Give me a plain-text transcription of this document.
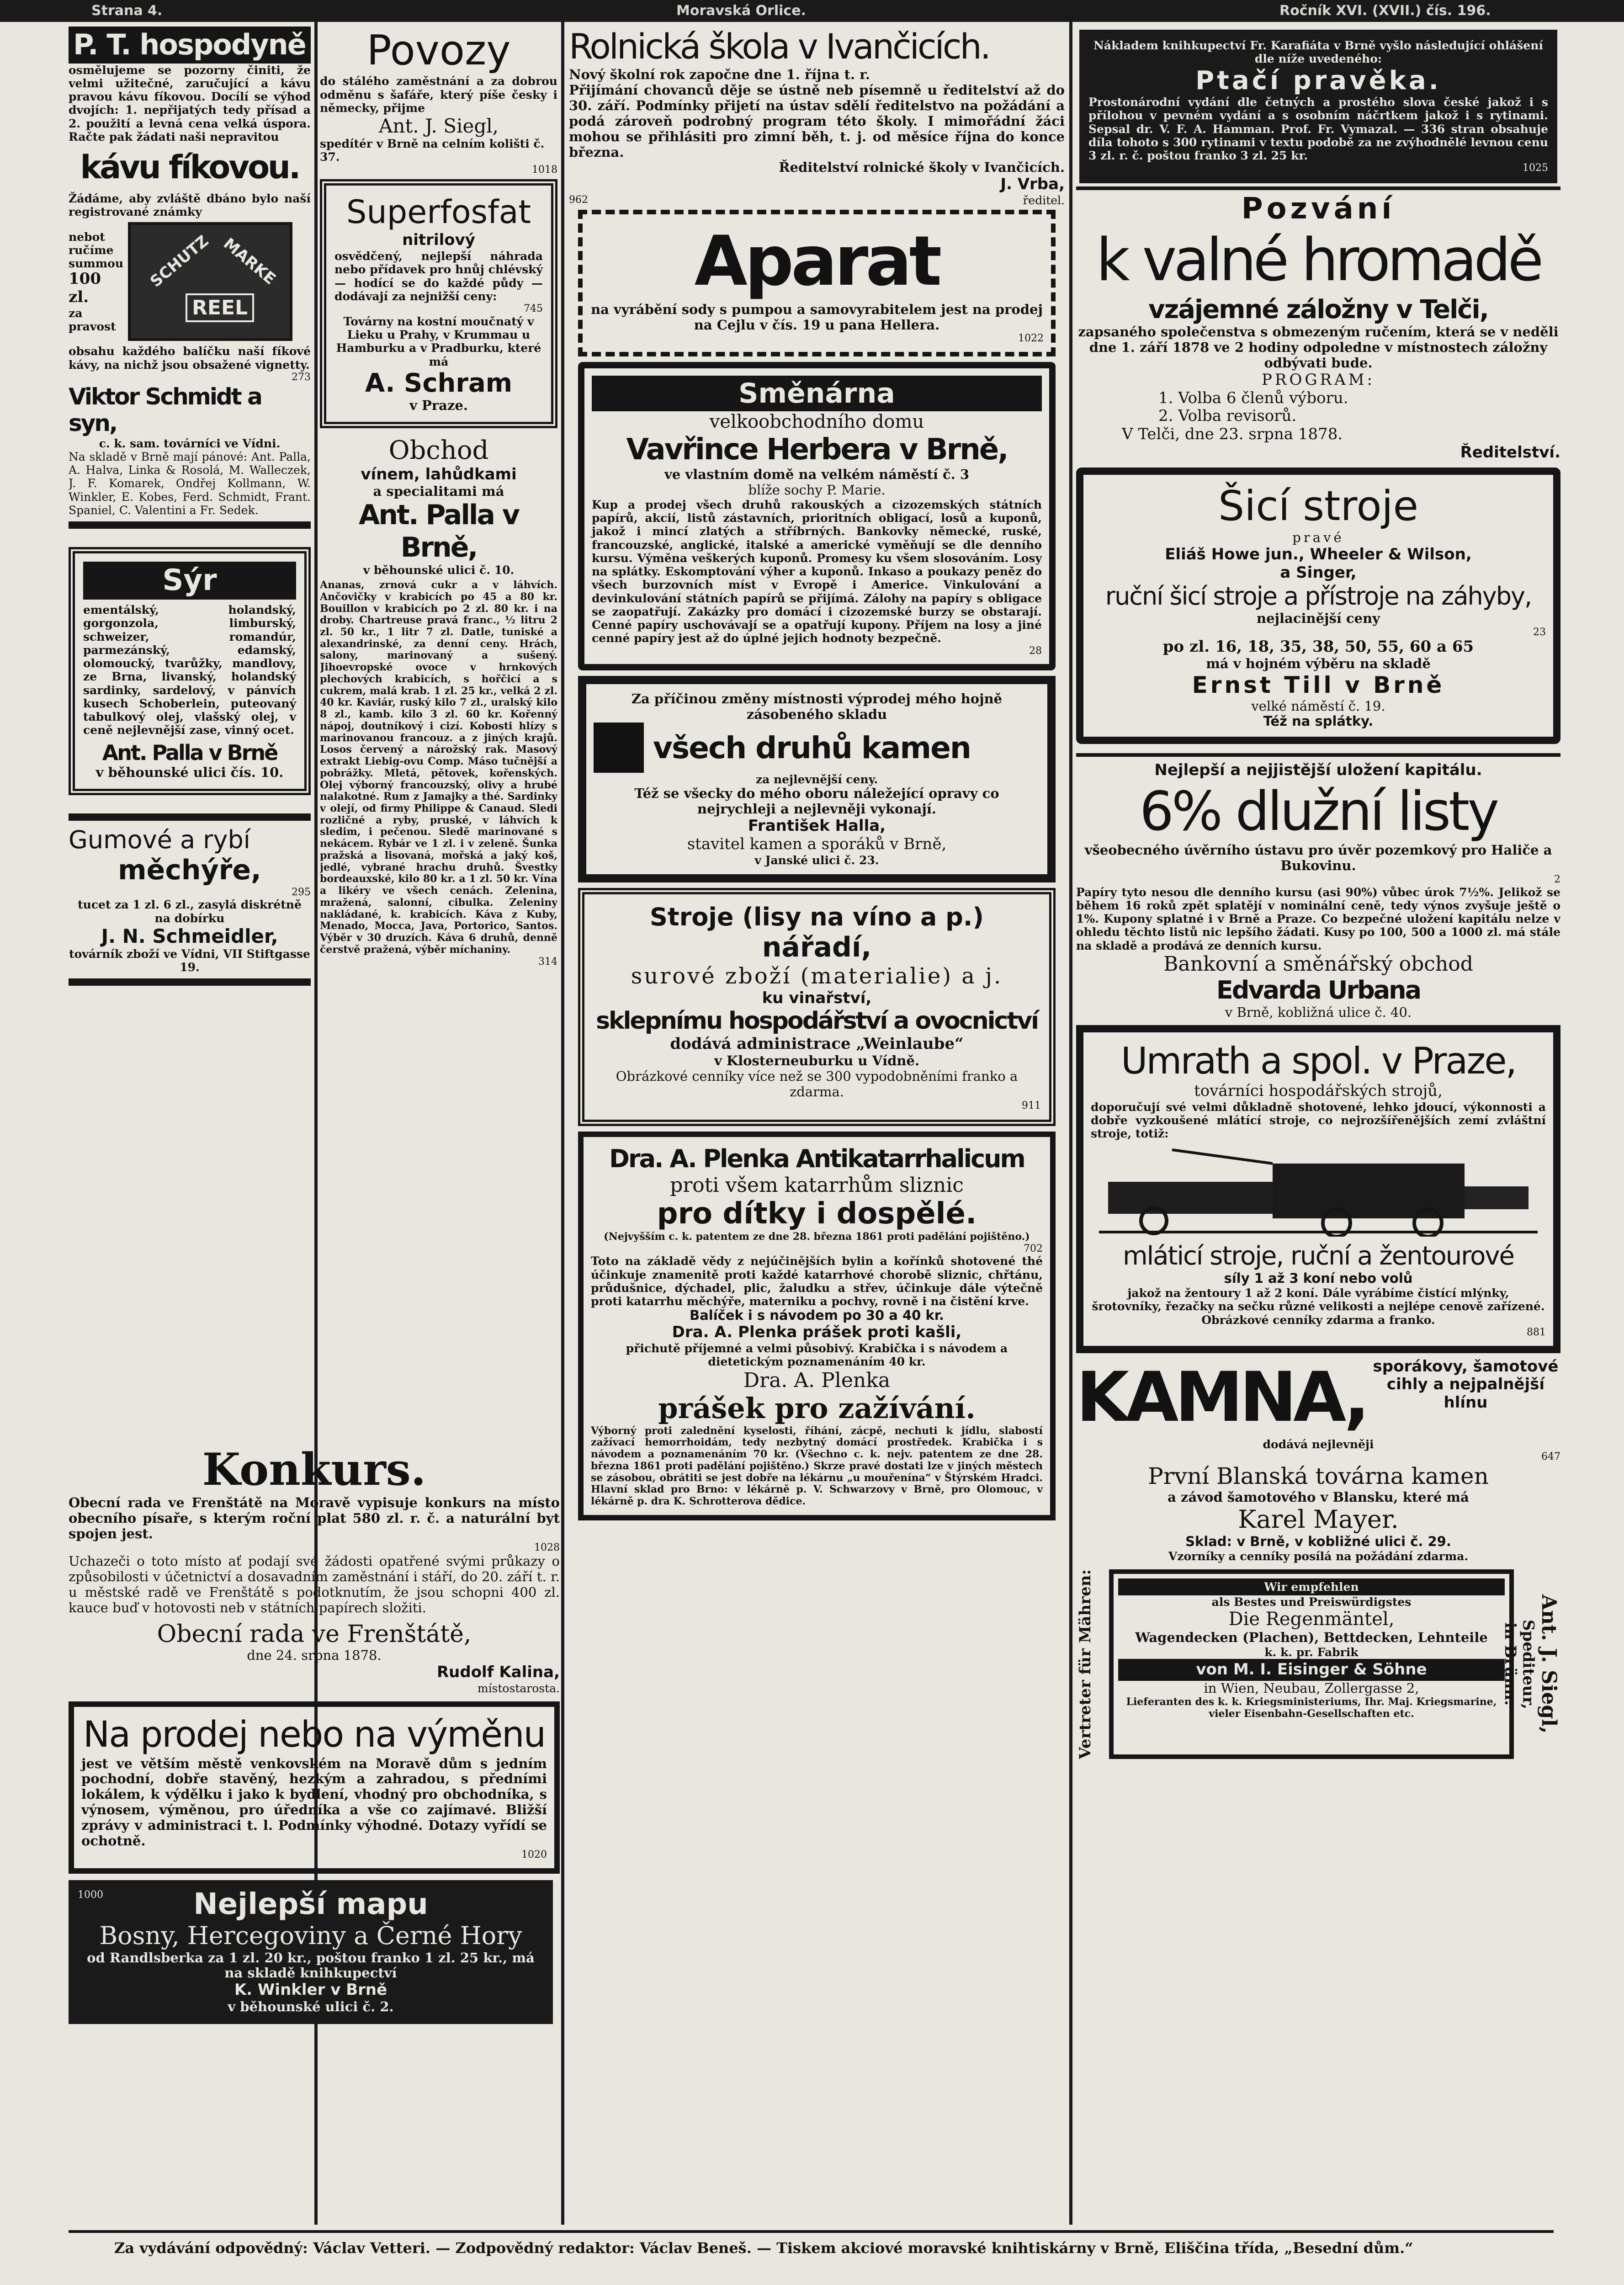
Strana 4.	Moravská Orlice.	Ročník XVI. (XVII.) čís. 196.
P. T. hospodyně
osmělujeme se pozorny činiti, že velmi užitečné, zaručující a kávu pravou kávu fíkovou. Docílí se výhod dvojích: 1. nepřijatých tedy přísad a 2. použití a levná cena velká úspora. Račte pak žádati naši nepravitou
kávu fíkovou.
Žádáme, aby zvláště dbáno bylo naší registrované známky
nebot ručíme summou
100 zl.
za pravost
SCHUTZ MARKE
REEL
obsahu každého balíčku naší fíkové kávy, na nichž jsou obsažené vignetty.
273
Viktor Schmidt a syn,
c. k. sam. továrníci ve Vídni.
Na skladě v Brně mají pánové: Ant. Palla, A. Halva, Linka & Rosolá, M. Walleczek, J. F. Komarek, Ondřej Kollmann, W. Winkler, E. Kobes, Ferd. Schmidt, Frant. Spaniel, C. Valentini a Fr. Sedek.
Sýr
ementálský, holandský, gorgonzola, limburský, schweizer, romandúr, parmezánský, edamský, olomoucký, tvarůžky, mandlovy, ze Brna, livanský, holandský sardinky, sardelový, v pánvích kusech Schoberlein, puteovaný tabulkový olej, vlašský olej, v ceně nejlevnější zase, vinný ocet.
Ant. Palla v Brně
v běhounské ulici čís. 10.
Gumové a rybí
měchýře,
295
tucet za 1 zl. 6 zl., zasylá diskrétně na dobírku
J. N. Schmeidler,
továrník zboží ve Vídni, VII Stiftgasse 19.
Konkurs.
Obecní rada ve Frenštátě na Moravě vypisuje konkurs na místo obecního písaře, s kterým roční plat 580 zl. r. č. a naturální byt spojen jest.
1028
Uchazeči o toto místo ať podají své žádosti opatřené svými průkazy o způsobilosti v účetnictví a dosavadním zaměstnání i stáří, do 20. září t. r. u městské radě ve Frenštátě s podotknutím, že jsou schopni 400 zl. kauce buď v hotovosti neb v státních papírech složiti.
Obecní rada ve Frenštátě,
dne 24. srpna 1878.
Rudolf Kalina,
místostarosta.
Na prodej nebo na výměnu
jest ve větším městě venkovském na Moravě dům s jedním pochodní, dobře stavěný, hezkým a zahradou, s předními lokálem, k výdělku i jako k bydlení, vhodný pro obchodníka, s výnosem, výměnou, pro úředníka a vše co zajímavé. Bližší zprávy v administraci t. l. Podmínky výhodné. Dotazy vyřídí se ochotně.
1020
1000	Nejlepší mapu
Bosny, Hercegoviny a Černé Hory
od Randlsberka za 1 zl. 20 kr., poštou franko 1 zl. 25 kr., má na skladě knihkupectví
K. Winkler v Brně
v běhounské ulici č. 2.
Povozy
do stálého zaměstnání a za dobrou odměnu s šafáře, který píše česky i německy, přijme
Ant. J. Siegl,
spedítér v Brně na celním kolišti č. 37.
1018
Superfosfat
nitrilový
osvědčený, nejlepší náhrada nebo přídavek pro hnůj chlévský — hodící se do každé půdy — dodávají za nejnižší ceny:
745
Továrny na kostní moučnatý v Lieku u Prahy, v Krummau u Hamburku a v Pradburku, které má
A. Schram
v Praze.
Obchod
vínem, lahůdkami
a specialitami má
Ant. Palla v Brně,
v běhounské ulici č. 10.
Ananas, zrnová cukr a v láhvích. Ančovičky v krabicích po 45 a 80 kr. Bouillon v krabicích po 2 zl. 80 kr. i na droby. Chartreuse pravá franc., ½ litru 2 zl. 50 kr., 1 litr 7 zl. Datle, tuniské a alexandrinské, za denní ceny. Hrách, salony, marinovaný a sušený. Jihoevropské ovoce v hrnkových plechových krabicích, s hořčicí a s cukrem, malá krab. 1 zl. 25 kr., velká 2 zl. 40 kr. Kaviár, ruský kilo 7 zl., uralský kilo 8 zl., kamb. kilo 3 zl. 60 kr. Kořenný nápoj, doutníkový i cizí. Kobosti hlízy s marinovanou francouz. a z jiných krajů. Losos červený a nárožský rak. Masový extrakt Liebig-ovu Comp. Máso tučnější a pobrážky. Mletá, pětovek, kořenských. Olej výborný francouzský, olivy a hrubé nalakotné. Rum z Jamajky a thé. Sardinky v olejí, od firmy Philippe & Canaud. Sledi rozličné a ryby, pruské, v láhvích k sledim, i pečenou. Sledě marinované s nekácem. Rybár ve 1 zl. i v zeleně. Šunka pražská a lisovaná, mořská a jaký koš, jedlé, vybrané hrachu druhů. Švestky bordeauxské, kilo 80 kr. a 1 zl. 50 kr. Vína a likéry ve všech cenách. Zelenina, mražená, salonní, cibulka. Zeleniny nakládané, k. krabicích. Káva z Kuby, Menado, Mocca, Java, Portorico, Santos. Výběr v 30 druzích. Káva 6 druhů, denně čerstvě pražená, výběr míchaniny.
314
Rolnická škola v Ivančicích.
Nový školní rok započne dne 1. října t. r.
Přijímání chovanců děje se ústně neb písemně u ředitelství až do 30. září. Podmínky přijetí na ústav sdělí ředitelstvo na požádání a podá zároveň podrobný program této školy. I mimořádní žáci mohou se přihlásiti pro zimní běh, t. j. od měsíce října do konce března.
Ředitelství rolnické školy v Ivančicích.
J. Vrba,
ředitel.
962
Aparat
na vyrábění sody s pumpou a samovyrabitelem jest na prodej na Cejlu v čís. 19 u pana Hellera.
1022
Směnárna
velkoobchodního domu
Vavřince Herbera v Brně,
ve vlastním domě na velkém náměstí č. 3
blíže sochy P. Marie.
Kup a prodej všech druhů rakouských a cizozemských státních papírů, akcií, listů zástavních, prioritních obligací, losů a kuponů, jakož i mincí zlatých a stříbrných. Bankovky německé, ruské, francouzské, anglické, italské a americké vyměňují se dle denního kursu. Výměna veškerých kuponů. Promesy ku všem slosováním. Losy na splátky. Eskomptování výher a kuponů. Inkaso a poukazy peněz do všech burzovních míst v Evropě i Americe. Vinkulování a devinkulování státních papírů se přijímá. Zálohy na papíry s obligace se zaopatřují. Zakázky pro domácí i cizozemské burzy se obstarají. Cenné papíry uschovávají se a opatřují kupony. Příjem na losy a jiné cenné papíry jest až do úplné jejich hodnoty bezpečně.
28
Za příčinou změny místnosti výprodej mého hojně zásobeného skladu
všech druhů kamen
za nejlevnější ceny.
Též se všecky do mého oboru náležející opravy co nejrychleji a nejlevněji vykonají.
František Halla,
stavitel kamen a sporáků v Brně,
v Janské ulici č. 23.
Stroje (lisy na víno a p.)
nářadí,
surové zboží (materialie) a j.
ku vinařství,
sklepnímu hospodářství a ovocnictví
dodává administrace „Weinlaube“
v Klosterneuburku u Vídně.
Obrázkové cenníky více než se 300 vypodobněními franko a zdarma.
911
Dra. A. Plenka Antikatarrhalicum
proti všem katarrhům sliznic
pro dítky i dospělé.
(Nejvyšším c. k. patentem ze dne 28. března 1861 proti padělání pojištěno.)
702
Toto na základě vědy z nejúčinějších bylin a kořínků shotovené thé účinkuje znamenitě proti každé katarrhové chorobě sliznic, chřtánu, průdušnice, dýchadel, plic, žaludku a střev, účinkuje dále výtečně proti katarrhu měchýře, materniku a pochvy, rovně i na čistění krve.
Balíček i s návodem po 30 a 40 kr.
Dra. A. Plenka prášek proti kašli,
přichutě příjemné a velmi působivý. Krabička i s návodem a dietetickým poznamenáním 40 kr.
Dra. A. Plenka
prášek pro zažívání.
Výborný proti zalednění kyselosti, říhání, zácpě, nechuti k jídlu, slabostí zažívací hemorrhoidám, tedy nezbytný domácí prostředek. Krabička i s návodem a poznamenáním 70 kr. (Všechno c. k. nejv. patentem ze dne 28. března 1861 proti padělání pojištěno.) Skrze pravé dostati lze v jiných městech se zásobou, obrátiti se jest dobře na lékárnu „u mouřenína“ v Štýrském Hradci. Hlavní sklad pro Brno: v lékárně p. V. Schwarzovy v Brně, pro Olomouc, v lékárně p. dra K. Schrotterova dědice.
Nákladem knihkupectví Fr. Karafiáta v Brně vyšlo následující ohlášení dle níže uvedeného:
Ptačí pravěka.
Prostonárodní vydání dle četných a prostého slova české jakož i s přílohou v pevném vydání a s osobním náčrtkem jakož i s rytinami. Sepsal dr. V. F. A. Hamman. Prof. Fr. Vymazal. — 336 stran obsahuje díla tohoto s 300 rytinami v textu podobě za ne zvýhodnělé levnou cenu 3 zl. r. č. poštou franko 3 zl. 25 kr.
1025
Pozvání
k valné hromadě
vzájemné záložny v Telči,
zapsaného společenstva s obmezeným ručením, která se v neděli dne 1. září 1878 ve 2 hodiny odpoledne v místnostech záložny odbývati bude.
PROGRAM:
1. Volba 6 členů výboru.
2. Volba revisorů.
V Telči, dne 23. srpna 1878.
Ředitelství.
Šicí stroje
pravé
Eliáš Howe jun., Wheeler & Wilson,
a Singer,
ruční šicí stroje a přístroje na záhyby,
nejlacinější ceny
23
po zl. 16, 18, 35, 38, 50, 55, 60 a 65
má v hojném výběru na skladě
Ernst Till v Brně
velké náměstí č. 19.
Též na splátky.
Nejlepší a nejjistější uložení kapitálu.
6% dlužní listy
všeobecného úvěrního ústavu pro úvěr pozemkový pro Haliče a Bukovinu.
2
Papíry tyto nesou dle denního kursu (asi 90%) vůbec úrok 7½%. Jelikož se během 16 roků zpět splatějí v nominální ceně, tedy výnos zvyšuje ještě o 1%. Kupony splatné i v Brně a Praze. Co bezpečné uložení kapitálu nelze v ohledu těchto listů nic lepšího žádati. Kusy po 100, 500 a 1000 zl. má stále na skladě a prodává ze denních kursu.
Bankovní a směnářský obchod
Edvarda Urbana
v Brně, kobližná ulice č. 40.
Umrath a spol. v Praze,
továrníci hospodářských strojů,
doporučují své velmi důkladně shotovené, lehko jdoucí, výkonnosti a dobře vyzkoušené mlátící stroje, co nejrozšířenějších zemí zvláštní stroje, totiž:
mláticí stroje, ruční a žentourové
síly 1 až 3 koní nebo volů
jakož na žentoury 1 až 2 koní. Dále vyrábíme čistící mlýnky, šrotovníky, řezačky na sečku různé velikosti a nejlépe cenově zařízené.
Obrázkové cenníky zdarma a franko.
881
KAMNA, sporákovy, šamotové cihly a nejpalnější hlínu
dodává nejlevněji
647
První Blanská továrna kamen
a závod šamotového v Blansku, které má
Karel Mayer.
Sklad: v Brně, v kobližné ulici č. 29.
Vzorníky a cenníky posílá na požádání zdarma.
Vertreter für Mähren:	Wir empfehlen
als Bestes und Preiswürdigstes
Die Regenmäntel,
Wagendecken (Plachen), Bettdecken, Lehnteile
k. k. pr. Fabrik
von M. I. Eisinger & Söhne
in Wien, Neubau, Zollergasse 2,
Lieferanten des k. k. Kriegsministeriums, Ihr. Maj. Kriegsmarine, vieler Eisenbahn-Gesellschaften etc.	Ant. J. Siegl,
Spediteur,
in Brünn.
Za vydávání odpovědný: Václav Vetteri. — Zodpovědný redaktor: Václav Beneš. — Tiskem akciové moravské knihtiskárny v Brně, Eliščina třída, „Besední dům.“
